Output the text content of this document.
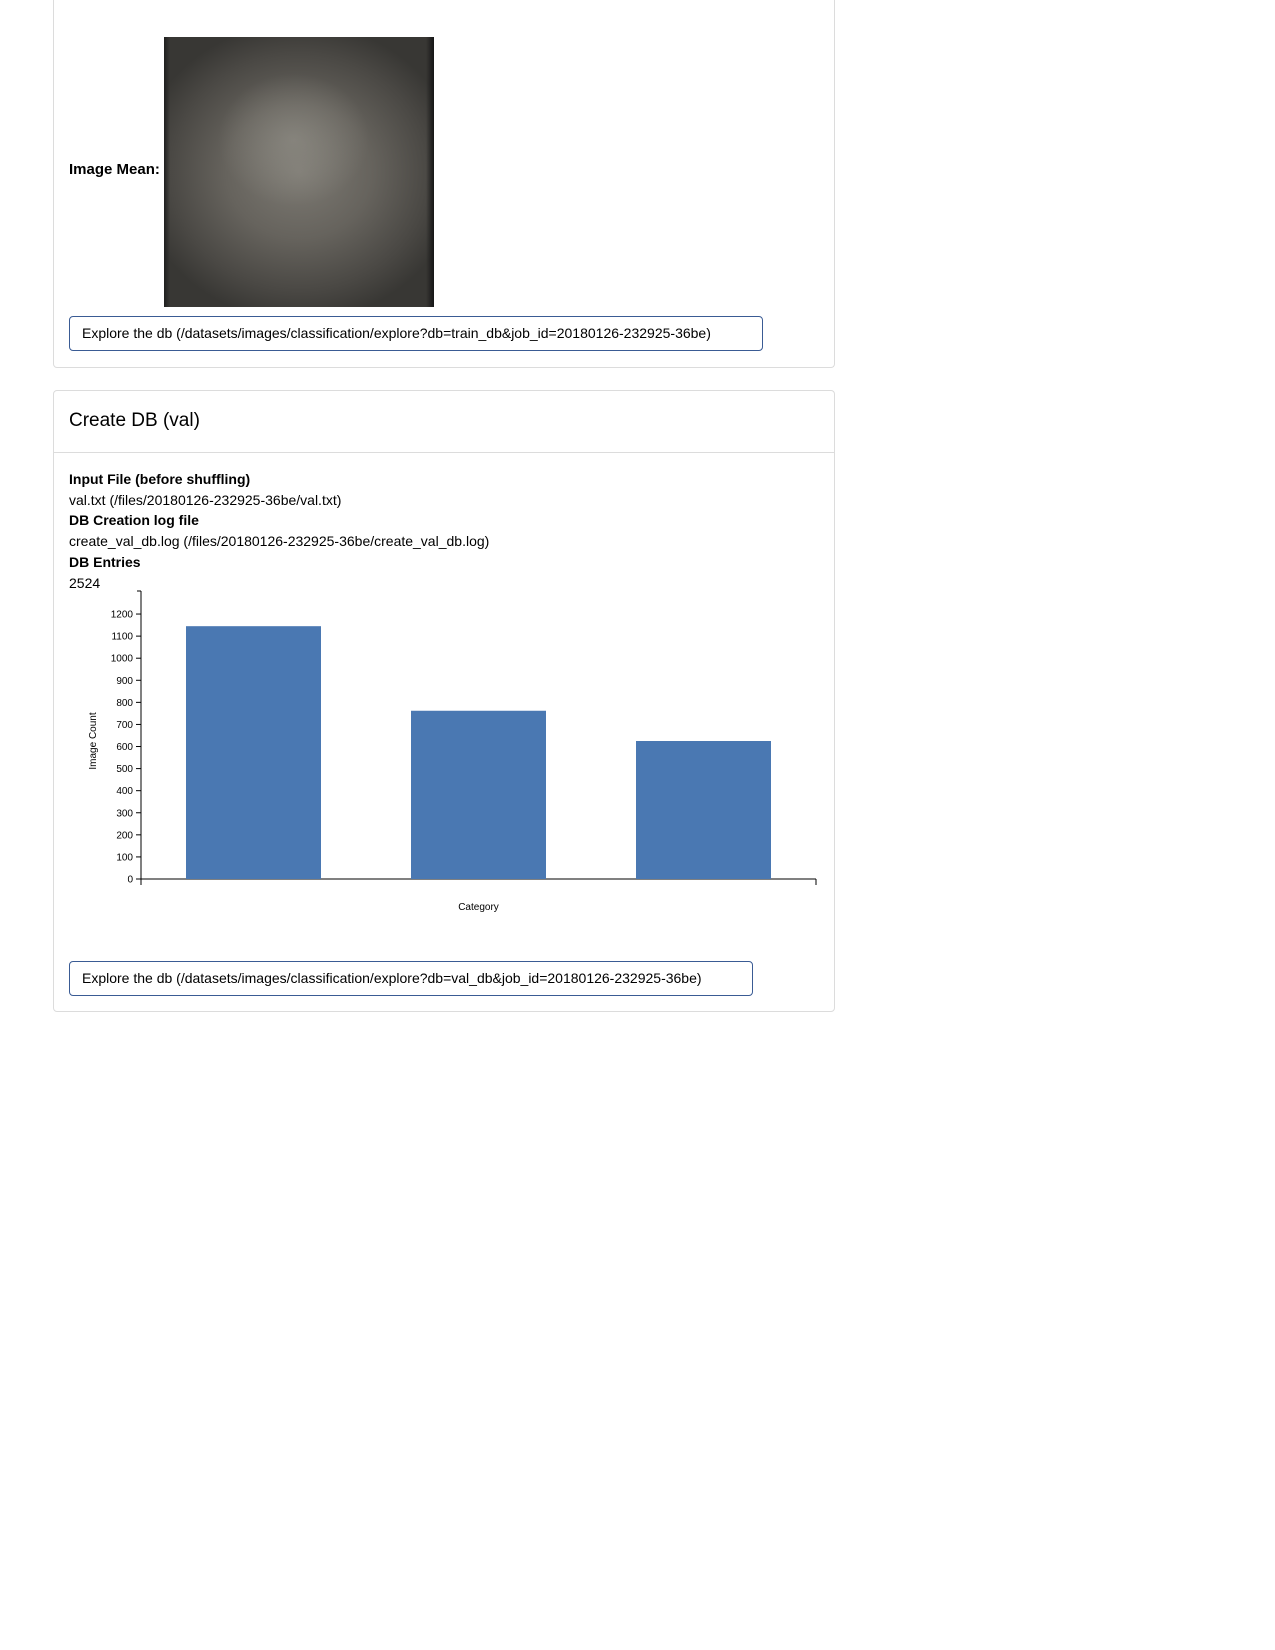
Image Mean:
Explore the db (/datasets/images/classification/explore?db=train_db&job_id=20180126-232925-36be)
Create DB (val)
Input File (before shuffling)
val.txt (/files/20180126-232925-36be/val.txt)
DB Creation log file
create_val_db.log (/files/20180126-232925-36be/create_val_db.log)
DB Entries
2524
0
100
200
300
400
500
600
700
800
900
1000
1100
1200
Category
Image Count
Explore the db (/datasets/images/classification/explore?db=val_db&job_id=20180126-232925-36be)
